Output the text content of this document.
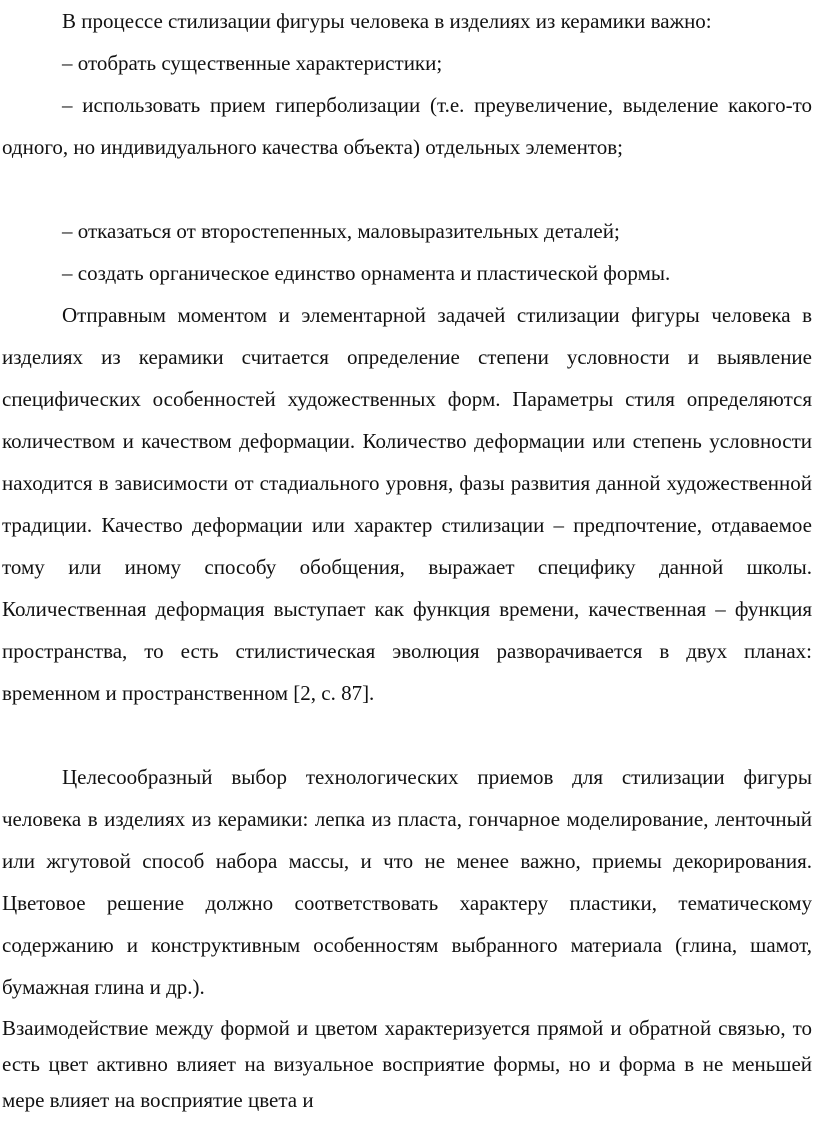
В процессе стилизации фигуры человека в изделиях из керамики важно:

– отобрать существенные характеристики;

– использовать прием гиперболизации (т.е. преувеличение, выделение какого-то одного, но индивидуального качества объекта) отдельных элементов;

– отказаться от второстепенных, маловыразительных деталей;

– создать органическое единство орнамента и пластической формы.

Отправным моментом и элементарной задачей стилизации фигуры человека в изделиях из керамики считается определение степени условности и выявление специфических особенностей художественных форм. Параметры стиля определяются количеством и качеством деформации. Количество деформации или степень условности находится в зависимости от стадиального уровня, фазы развития данной художественной традиции. Качество деформации или характер стилизации – предпочтение, отдаваемое тому или иному способу обобщения, выражает специфику данной школы. Количественная деформация выступает как функция времени, качественная – функция пространства, то есть стилистическая эволюция разворачивается в двух планах: временном и пространственном [2, с. 87].

Целесообразный выбор технологических приемов для стилизации фигуры человека в изделиях из керамики: лепка из пласта, гончарное моделирование, ленточный или жгутовой способ набора массы, и что не менее важно, приемы декорирования. Цветовое решение должно соответствовать характеру пластики, тематическому содержанию и конструктивным особенностям выбранного материала (глина, шамот, бумажная глина и др.).

Взаимодействие между формой и цветом характеризуется прямой и обратной связью, то есть цвет активно влияет на визуальное восприятие формы, но и форма в не меньшей мере влияет на восприятие цвета и
